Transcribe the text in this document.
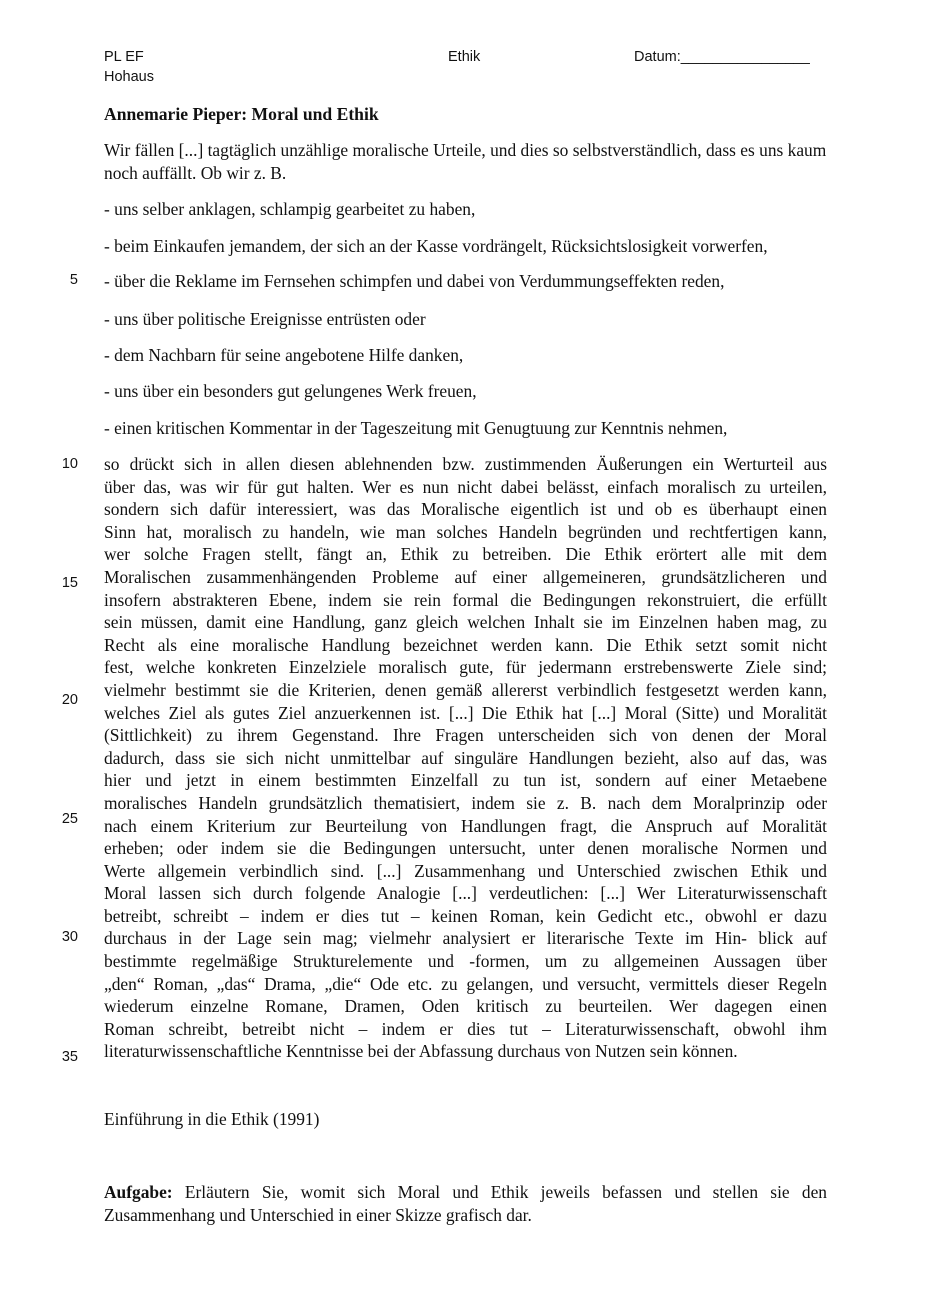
PL EF
Hohaus
Ethik	Datum:________________

Annemarie Pieper: Moral und Ethik

Wir fällen [...] tagtäglich unzählige moralische Urteile, und dies so selbstverständlich, dass es uns kaum noch auffällt. Ob wir z. B.

- uns selber anklagen, schlampig gearbeitet zu haben,

- beim Einkaufen jemandem, der sich an der Kasse vordrängelt, Rücksichtslosigkeit vorwerfen,

- über die Reklame im Fernsehen schimpfen und dabei von Verdummungseffekten reden,

- uns über politische Ereignisse entrüsten oder

- dem Nachbarn für seine angebotene Hilfe danken,

- uns über ein besonders gut gelungenes Werk freuen,

- einen kritischen Kommentar in der Tageszeitung mit Genugtuung zur Kenntnis nehmen,

5
10
15
20
25
30
35
so drückt sich in allen diesen ablehnenden bzw. zustimmenden Äußerungen ein Werturteil aus
über das, was wir für gut halten. Wer es nun nicht dabei belässt, einfach moralisch zu urteilen,
sondern sich dafür interessiert, was das Moralische eigentlich ist und ob es überhaupt einen
Sinn hat, moralisch zu handeln, wie man solches Handeln begründen und rechtfertigen kann,
wer solche Fragen stellt, fängt an, Ethik zu betreiben. Die Ethik erörtert alle mit dem
Moralischen zusammenhängenden Probleme auf einer allgemeineren, grundsätzlicheren und
insofern abstrakteren Ebene, indem sie rein formal die Bedingungen rekonstruiert, die erfüllt
sein müssen, damit eine Handlung, ganz gleich welchen Inhalt sie im Einzelnen haben mag, zu
Recht als eine moralische Handlung bezeichnet werden kann. Die Ethik setzt somit nicht
fest, welche konkreten Einzelziele moralisch gute, für jedermann erstrebenswerte Ziele sind;
vielmehr bestimmt sie die Kriterien, denen gemäß allererst verbindlich festgesetzt werden kann,
welches Ziel als gutes Ziel anzuerkennen ist. [...] Die Ethik hat [...] Moral (Sitte) und Moralität
(Sittlichkeit) zu ihrem Gegenstand. Ihre Fragen unterscheiden sich von denen der Moral
dadurch, dass sie sich nicht unmittelbar auf singuläre Handlungen bezieht, also auf das, was
hier und jetzt in einem bestimmten Einzelfall zu tun ist, sondern auf einer Metaebene
moralisches Handeln grundsätzlich thematisiert, indem sie z. B. nach dem Moralprinzip oder
nach einem Kriterium zur Beurteilung von Handlungen fragt, die Anspruch auf Moralität
erheben; oder indem sie die Bedingungen untersucht, unter denen moralische Normen und
Werte allgemein verbindlich sind. [...] Zusammenhang und Unterschied zwischen Ethik und
Moral lassen sich durch folgende Analogie [...] verdeutlichen: [...] Wer Literaturwissenschaft
betreibt, schreibt – indem er dies tut – keinen Roman, kein Gedicht etc., obwohl er dazu
durchaus in der Lage sein mag; vielmehr analysiert er literarische Texte im Hin- blick auf
bestimmte regelmäßige Strukturelemente und -formen, um zu allgemeinen Aussagen über
„den“ Roman, „das“ Drama, „die“ Ode etc. zu gelangen, und versucht, vermittels dieser Regeln
wiederum einzelne Romane, Dramen, Oden kritisch zu beurteilen. Wer dagegen einen
Roman schreibt, betreibt nicht – indem er dies tut – Literaturwissenschaft, obwohl ihm
literaturwissenschaftliche Kenntnisse bei der Abfassung durchaus von Nutzen sein können.

Einführung in die Ethik (1991)

Aufgabe: Erläutern Sie, womit sich Moral und Ethik jeweils befassen und stellen sie den Zusammenhang und Unterschied in einer Skizze grafisch dar.
